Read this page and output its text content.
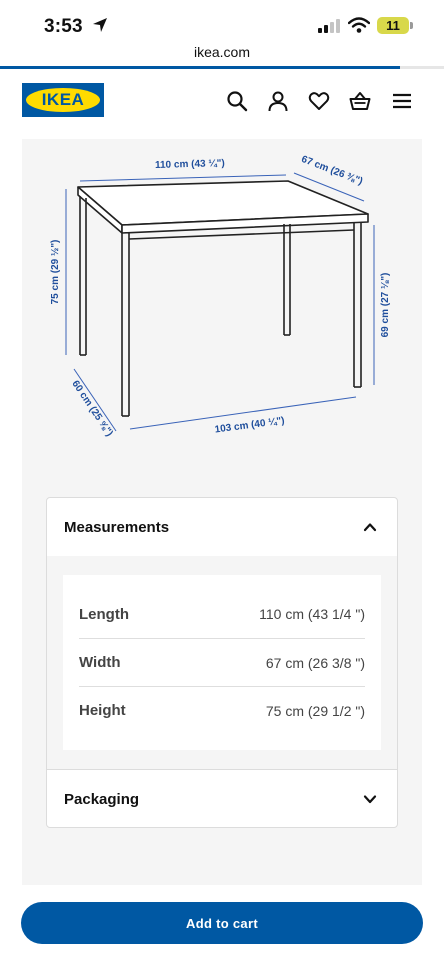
3:53	11
ikea.com
IKEA
110 cm (43 ¼")	67 cm (26 ⅜")
75 cm (29 ½")
69 cm (27 ⅛")
60 cm (25 ⅝")	103 cm (40 ¼")
Measurements
Length	110 cm (43 1/4 ")
Width	67 cm (26 3/8 ")
Height	75 cm (29 1/2 ")
Packaging
Add to cart
